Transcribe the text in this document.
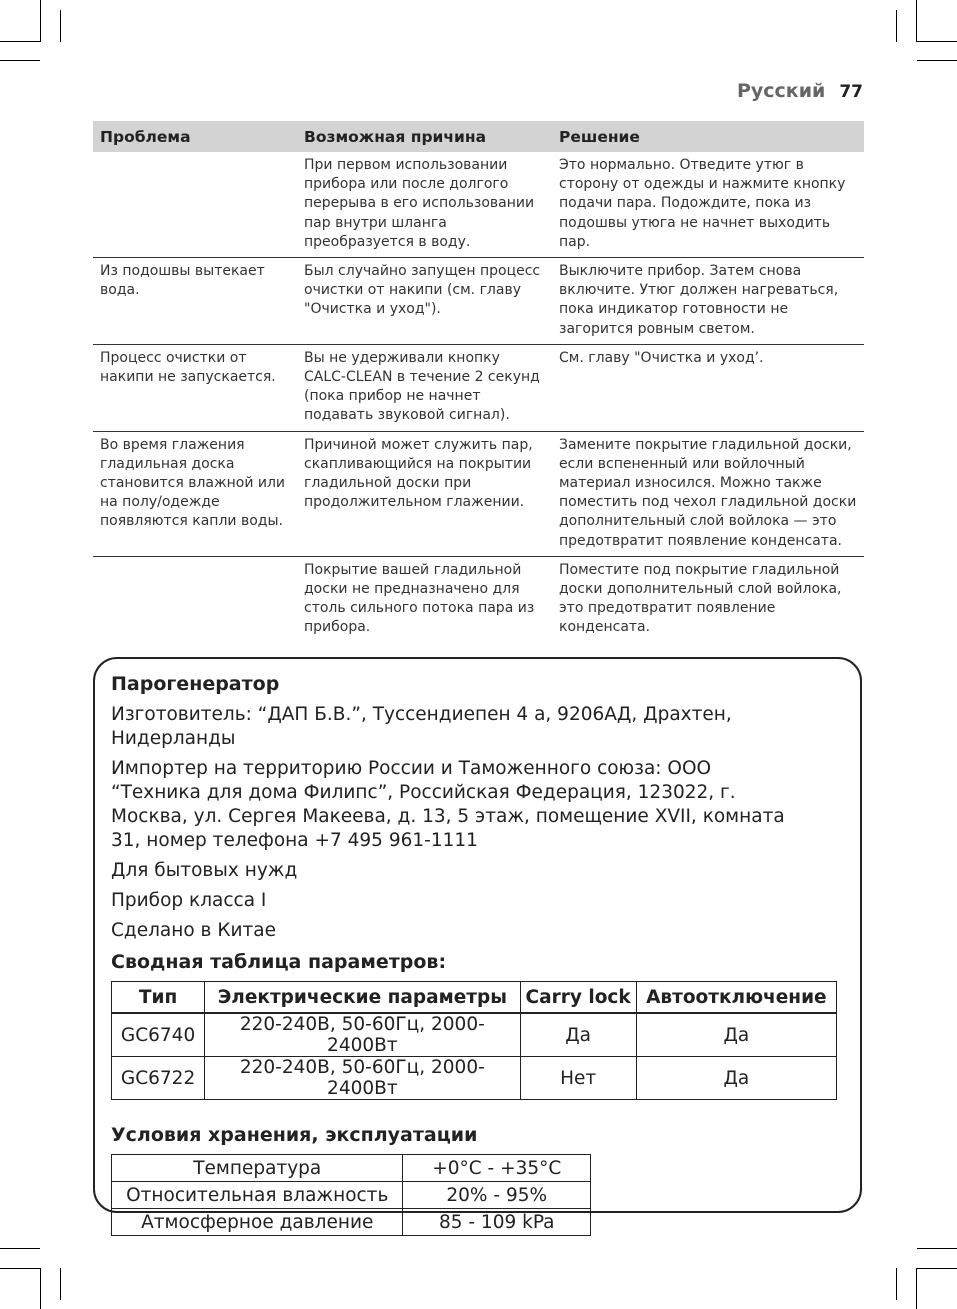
Русский 77
Проблема	Возможная причина	Решение
	При первом использовании прибора или после долгого перерыва в его использовании пар внутри шланга преобразуется в воду.	Это нормально. Отведите утюг в сторону от одежды и нажмите кнопку подачи пара. Подождите, пока из подошвы утюга не начнет выходить пар.
Из подошвы вытекает вода.	Был случайно запущен процесс очистки от накипи (см. главу "Очистка и уход").	Выключите прибор. Затем снова включите. Утюг должен нагреваться, пока индикатор готовности не загорится ровным светом.
Процесс очистки от накипи не запускается.	Вы не удерживали кнопку CALC-CLEAN в течение 2 секунд (пока прибор не начнет подавать звуковой сигнал).	См. главу "Очистка и уход’.
Во время глажения гладильная доска становится влажной или на полу/одежде появляются капли воды.	Причиной может служить пар, скапливающийся на покрытии гладильной доски при продолжительном глажении.	Замените покрытие гладильной доски, если вспененный или войлочный материал износился. Можно также поместить под чехол гладильной доски дополнительный слой войлока — это предотвратит появление конденсата.
	Покрытие вашей гладильной доски не предназначено для столь сильного потока пара из прибора.	Поместите под покрытие гладильной доски дополнительный слой войлока, это предотвратит появление конденсата.
Парогенератор

Изготовитель: “ДАП Б.В.”, Туссендиепен 4 а, 9206АД, Драхтен, Нидерланды

Импортер на территорию России и Таможенного союза: ООО “Техника для дома Филипс”, Российская Федерация, 123022, г. Москва, ул. Сергея Макеева, д. 13, 5 этаж, помещение XVII, комната 31, номер телефона +7 495 961-1111

Для бытовых нужд

Прибор класса I

Сделано в Китае

Сводная таблица параметров:
Тип	Электрические параметры	Carry lock	Автоотключение
GC6740	220-240В, 50-60Гц, 2000-2400Вт	Да	Да
GC6722	220-240В, 50-60Гц, 2000-2400Вт	Нет	Да
Условия хранения, эксплуатации
Температура	+0°C - +35°C
Относительная влажность	20% - 95%
Атмосферное давление	85 - 109 kPa
